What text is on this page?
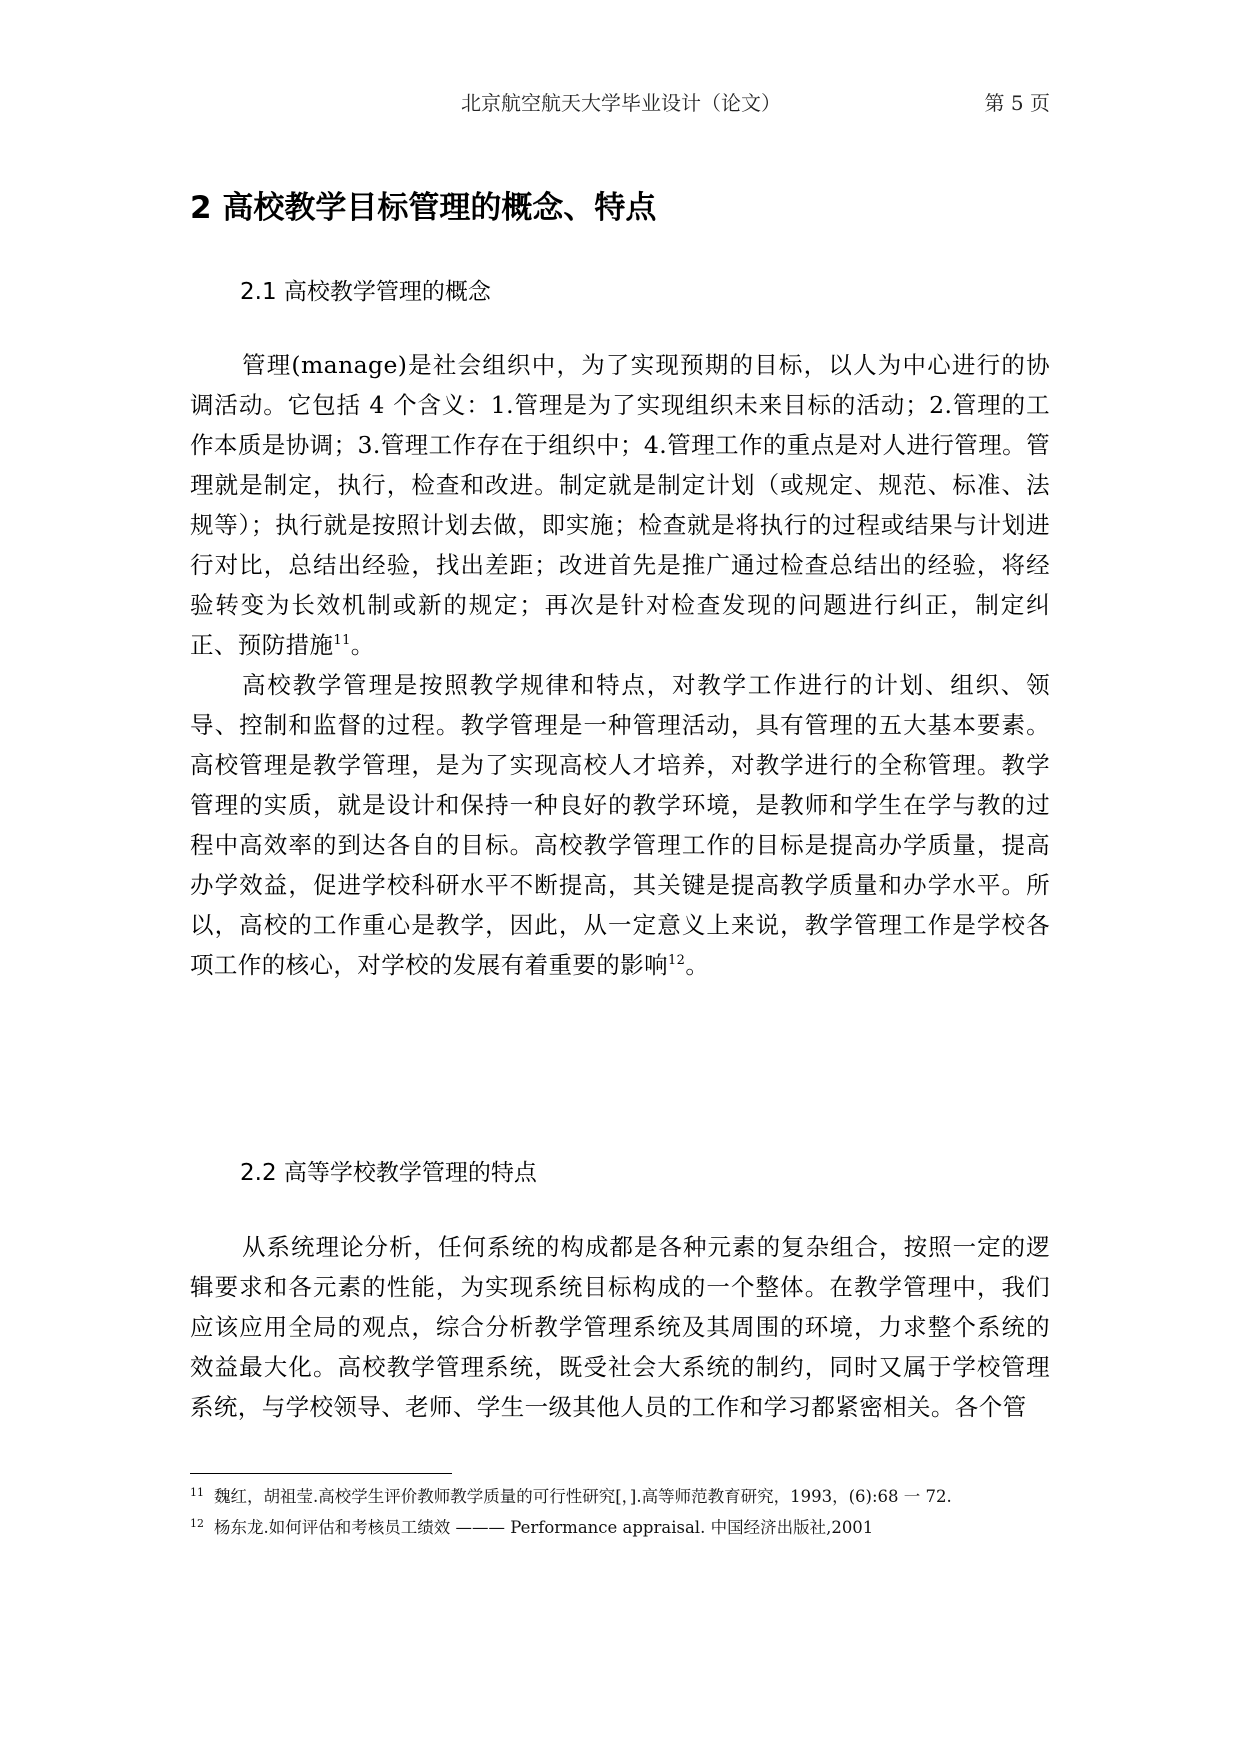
北京航空航天大学毕业设计（论文）	第 5 页
2 高校教学目标管理的概念、特点
2.1 高校教学管理的概念

管理(manage)是社会组织中，为了实现预期的目标，以人为中心进行的协调活动。它包括 4 个含义：1.管理是为了实现组织未来目标的活动；2.管理的工作本质是协调；3.管理工作存在于组织中；4.管理工作的重点是对人进行管理。管理就是制定，执行，检查和改进。制定就是制定计划（或规定、规范、标准、法规等）；执行就是按照计划去做，即实施；检查就是将执行的过程或结果与计划进行对比，总结出经验，找出差距；改进首先是推广通过检查总结出的经验，将经验转变为长效机制或新的规定；再次是针对检查发现的问题进行纠正，制定纠正、预防措施$^{11}$。

高校教学管理是按照教学规律和特点，对教学工作进行的计划、组织、领导、控制和监督的过程。教学管理是一种管理活动，具有管理的五大基本要素。高校管理是教学管理，是为了实现高校人才培养，对教学进行的全称管理。教学管理的实质，就是设计和保持一种良好的教学环境，是教师和学生在学与教的过程中高效率的到达各自的目标。高校教学管理工作的目标是提高办学质量，提高办学效益，促进学校科研水平不断提高，其关键是提高教学质量和办学水平。所以，高校的工作重心是教学，因此，从一定意义上来说，教学管理工作是学校各项工作的核心，对学校的发展有着重要的影响$^{12}$。

2.2 高等学校教学管理的特点

从系统理论分析，任何系统的构成都是各种元素的复杂组合，按照一定的逻辑要求和各元素的性能，为实现系统目标构成的一个整体。在教学管理中，我们应该应用全局的观点，综合分析教学管理系统及其周围的环境，力求整个系统的效益最大化。高校教学管理系统，既受社会大系统的制约，同时又属于学校管理系统，与学校领导、老师、学生一级其他人员的工作和学习都紧密相关。各个管

$^{11}$ 魏红，胡祖莹.高校学生评价教师教学质量的可行性研究[，].高等师范教育研究，1993，(6):68 一 72.
$^{12}$ 杨东龙.如何评估和考核员工绩效 ——— Performance appraisal. 中国经济出版社,2001
